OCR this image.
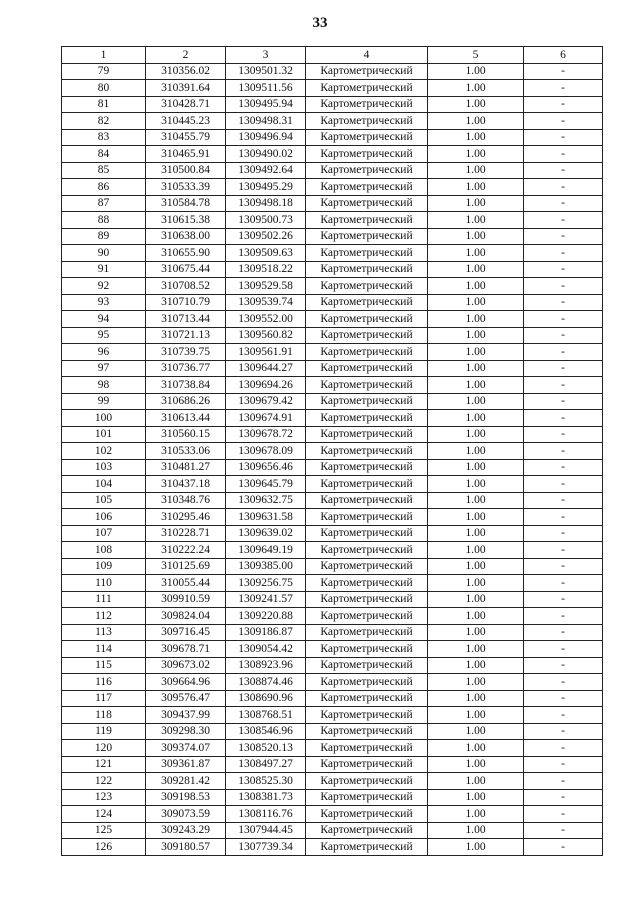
33
1	2	3	4	5	6
79	310356.02	1309501.32	Картометрический	1.00	-
80	310391.64	1309511.56	Картометрический	1.00	-
81	310428.71	1309495.94	Картометрический	1.00	-
82	310445.23	1309498.31	Картометрический	1.00	-
83	310455.79	1309496.94	Картометрический	1.00	-
84	310465.91	1309490.02	Картометрический	1.00	-
85	310500.84	1309492.64	Картометрический	1.00	-
86	310533.39	1309495.29	Картометрический	1.00	-
87	310584.78	1309498.18	Картометрический	1.00	-
88	310615.38	1309500.73	Картометрический	1.00	-
89	310638.00	1309502.26	Картометрический	1.00	-
90	310655.90	1309509.63	Картометрический	1.00	-
91	310675.44	1309518.22	Картометрический	1.00	-
92	310708.52	1309529.58	Картометрический	1.00	-
93	310710.79	1309539.74	Картометрический	1.00	-
94	310713.44	1309552.00	Картометрический	1.00	-
95	310721.13	1309560.82	Картометрический	1.00	-
96	310739.75	1309561.91	Картометрический	1.00	-
97	310736.77	1309644.27	Картометрический	1.00	-
98	310738.84	1309694.26	Картометрический	1.00	-
99	310686.26	1309679.42	Картометрический	1.00	-
100	310613.44	1309674.91	Картометрический	1.00	-
101	310560.15	1309678.72	Картометрический	1.00	-
102	310533.06	1309678.09	Картометрический	1.00	-
103	310481.27	1309656.46	Картометрический	1.00	-
104	310437.18	1309645.79	Картометрический	1.00	-
105	310348.76	1309632.75	Картометрический	1.00	-
106	310295.46	1309631.58	Картометрический	1.00	-
107	310228.71	1309639.02	Картометрический	1.00	-
108	310222.24	1309649.19	Картометрический	1.00	-
109	310125.69	1309385.00	Картометрический	1.00	-
110	310055.44	1309256.75	Картометрический	1.00	-
111	309910.59	1309241.57	Картометрический	1.00	-
112	309824.04	1309220.88	Картометрический	1.00	-
113	309716.45	1309186.87	Картометрический	1.00	-
114	309678.71	1309054.42	Картометрический	1.00	-
115	309673.02	1308923.96	Картометрический	1.00	-
116	309664.96	1308874.46	Картометрический	1.00	-
117	309576.47	1308690.96	Картометрический	1.00	-
118	309437.99	1308768.51	Картометрический	1.00	-
119	309298.30	1308546.96	Картометрический	1.00	-
120	309374.07	1308520.13	Картометрический	1.00	-
121	309361.87	1308497.27	Картометрический	1.00	-
122	309281.42	1308525.30	Картометрический	1.00	-
123	309198.53	1308381.73	Картометрический	1.00	-
124	309073.59	1308116.76	Картометрический	1.00	-
125	309243.29	1307944.45	Картометрический	1.00	-
126	309180.57	1307739.34	Картометрический	1.00	-
